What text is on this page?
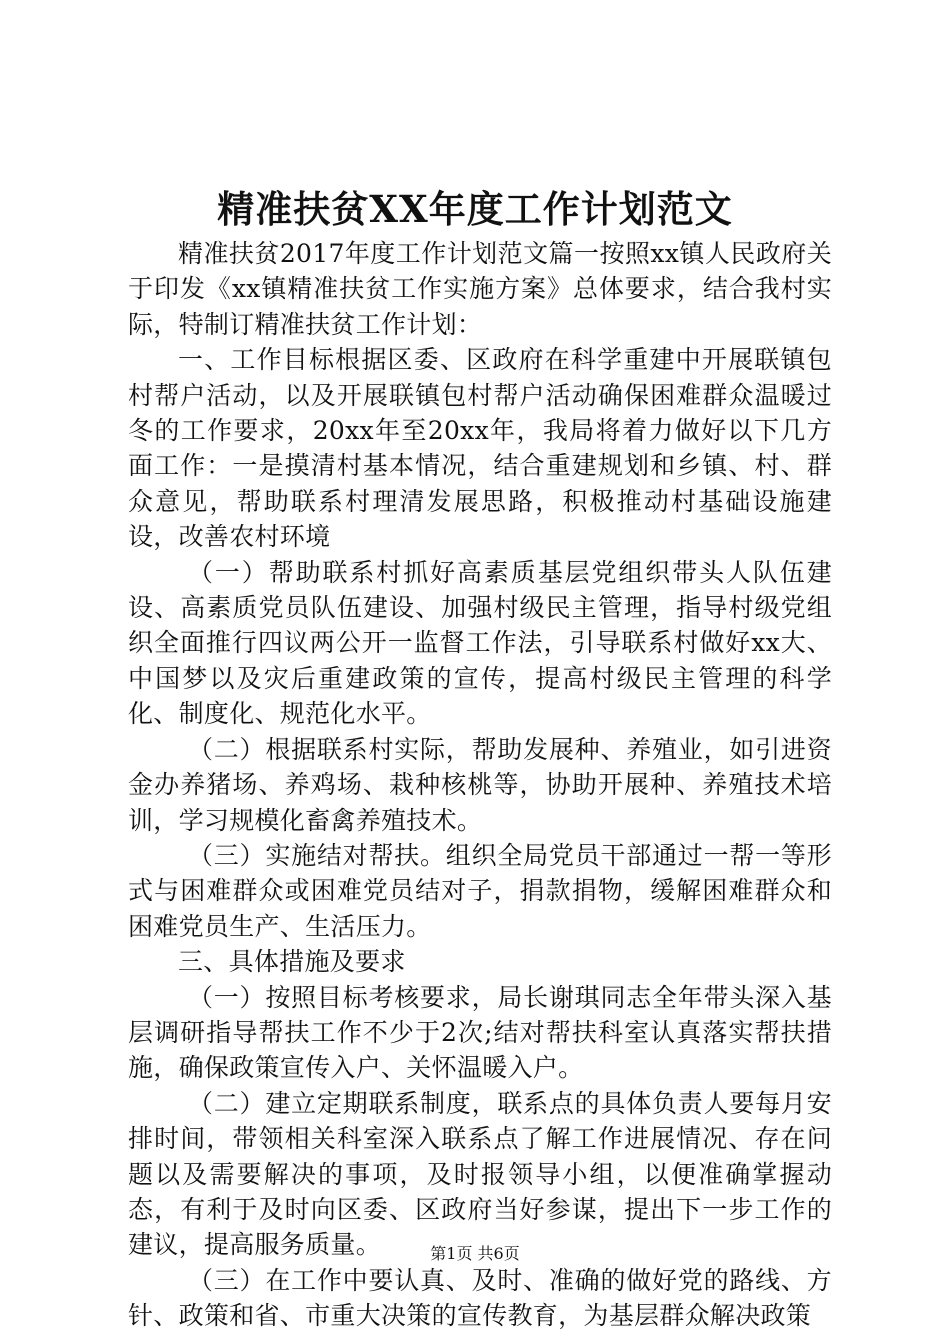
精准扶贫XX年度工作计划范文

精准扶贫2017年度工作计划范文篇一按照xx镇人民政府关于印发《xx镇精准扶贫工作实施方案》总体要求，结合我村实际，特制订精准扶贫工作计划：

一、工作目标根据区委、区政府在科学重建中开展联镇包村帮户活动，以及开展联镇包村帮户活动确保困难群众温暖过冬的工作要求，20xx年至20xx年，我局将着力做好以下几方面工作：一是摸清村基本情况，结合重建规划和乡镇、村、群众意见，帮助联系村理清发展思路，积极推动村基础设施建设，改善农村环境

（一）帮助联系村抓好高素质基层党组织带头人队伍建设、高素质党员队伍建设、加强村级民主管理，指导村级党组织全面推行四议两公开一监督工作法，引导联系村做好xx大、中国梦以及灾后重建政策的宣传，提高村级民主管理的科学化、制度化、规范化水平。

（二）根据联系村实际，帮助发展种、养殖业，如引进资金办养猪场、养鸡场、栽种核桃等，协助开展种、养殖技术培训，学习规模化畜禽养殖技术。

（三）实施结对帮扶。组织全局党员干部通过一帮一等形式与困难群众或困难党员结对子，捐款捐物，缓解困难群众和困难党员生产、生活压力。

三、具体措施及要求

（一）按照目标考核要求，局长谢琪同志全年带头深入基层调研指导帮扶工作不少于2次;结对帮扶科室认真落实帮扶措施，确保政策宣传入户、关怀温暖入户。

（二）建立定期联系制度，联系点的具体负责人要每月安排时间，带领相关科室深入联系点了解工作进展情况、存在问题以及需要解决的事项，及时报领导小组，以便准确掌握动态，有利于及时向区委、区政府当好参谋，提出下一步工作的建议，提高服务质量。

（三）在工作中要认真、及时、准确的做好党的路线、方针、政策和省、市重大决策的宣传教育，为基层群众解决政策

第1页 共6页
